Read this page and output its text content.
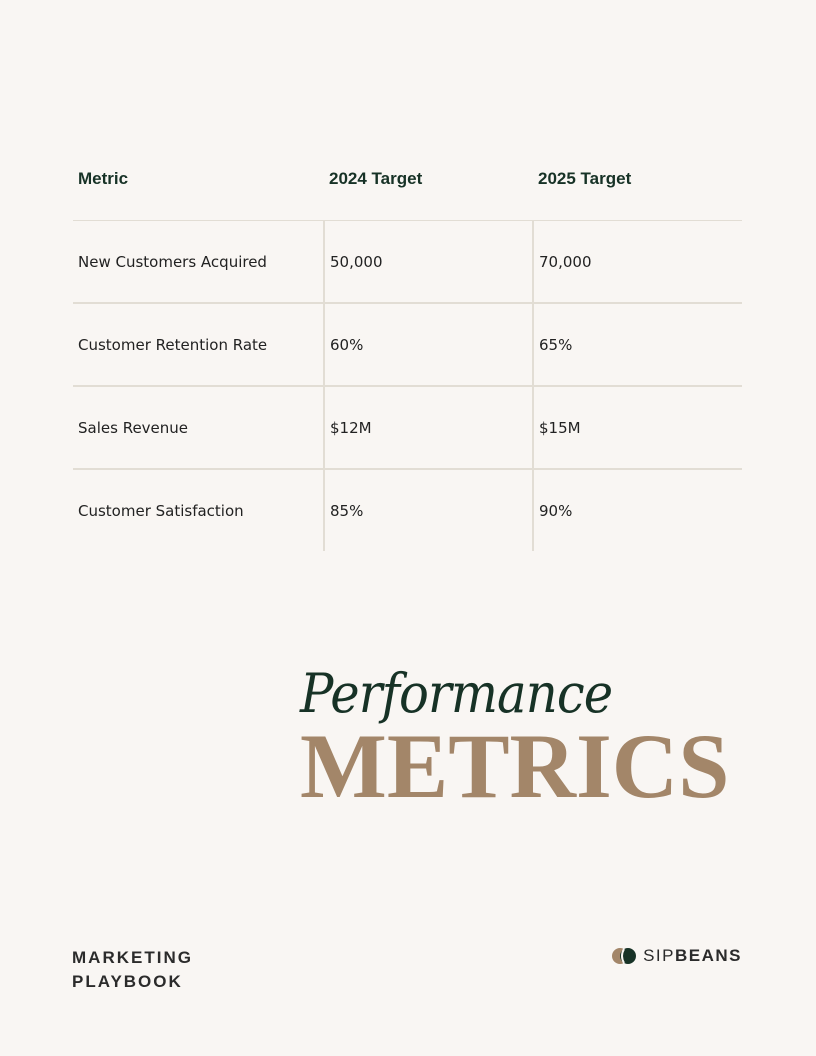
Metric	2024 Target	2025 Target
New Customers Acquired	50,000	70,000
Customer Retention Rate	60%	65%
Sales Revenue	$12M	$15M
Customer Satisfaction	85%	90%
Performance
METRICS
MARKETING
PLAYBOOK
SIPBEANS
